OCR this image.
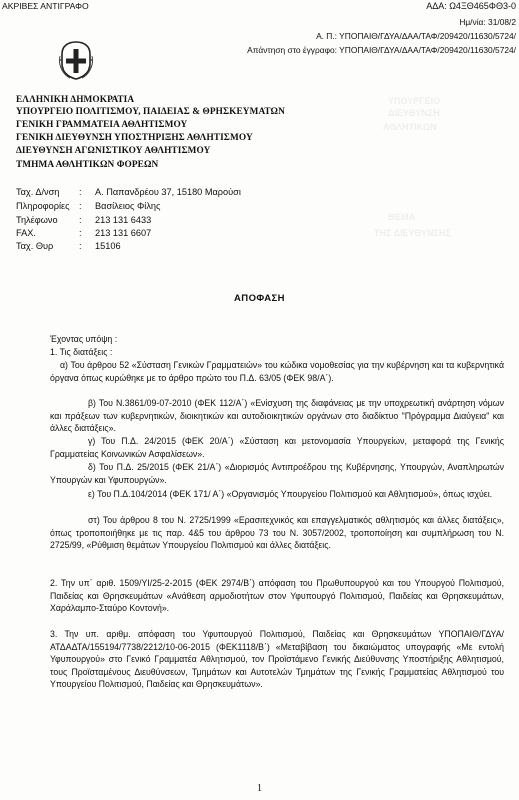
ΑΚΡΙΒΕΣ ΑΝΤΙΓΡΑΦΟ	ΑΔΑ: Ω4ΞΘ465ΦΘ3-0
Ημ/νία: 31/08/2
Α. Π.: ΥΠΟΠΑΙΘ/ΓΔΥΑ/ΔΑΑ/ΤΑΦ/209420/11630/5724/
Απάντηση στο έγγραφο: ΥΠΟΠΑΙΘ/ΓΔΥΑ/ΔΑΑ/ΤΑΦ/209420/11630/5724/
ΥΠΟΥΡΓΕΙΟ
ΔΙΕΥΘΥΝΣΗ
ΑΘΛΗΤΙΚΩΝ
ΘΕΜΑ
ΤΗΣ ΔΙΕΥΘΥΝΣΗΣ
ΕΛΛΗΝΙΚΗ ΔΗΜΟΚΡΑΤΙΑ
ΥΠΟΥΡΓΕΙΟ ΠΟΛΙΤΙΣΜΟΥ, ΠΑΙΔΕΙΑΣ & ΘΡΗΣΚΕΥΜΑΤΩΝ
ΓΕΝΙΚΗ ΓΡΑΜΜΑΤΕΙΑ ΑΘΛΗΤΙΣΜΟΥ
ΓΕΝΙΚΗ ΔΙΕΥΘΥΝΣΗ ΥΠΟΣΤΗΡΙΞΗΣ ΑΘΛΗΤΙΣΜΟΥ
ΔΙΕΥΘΥΝΣΗ ΑΓΩΝΙΣΤΙΚΟΥ ΑΘΛΗΤΙΣΜΟΥ
ΤΜΗΜΑ ΑΘΛΗΤΙΚΩΝ ΦΟΡΕΩΝ
Ταχ. Δ/νση : Α. Παπανδρέου 37, 15180 Μαρούσι
Πληροφορίες : Βασίλειος Φίλης
Τηλέφωνο : 213 131 6433
FAX.	: 213 131 6607
Ταχ. Θυρ	: 15106
ΑΠΟΦΑΣΗ
Έχοντας υπόψη :
1. Τις διατάξεις :
α) Του άρθρου 52 «Σύσταση Γενικών Γραμματειών» του κώδικα νομοθεσίας για την κυβέρνηση και τα κυβερνητικά όργανα όπως κυρώθηκε με το άρθρο πρώτο του Π.Δ. 63/05 (ΦΕΚ 98/Α΄).
β) Του Ν.3861/09-07-2010 (ΦΕΚ 112/Α΄) «Ενίσχυση της διαφάνειας με την υποχρεωτική ανάρτηση νόμων και πράξεων των κυβερνητικών, διοικητικών και αυτοδιοικητικών οργάνων στο διαδίκτυο "Πρόγραμμα Διαύγεια" και άλλες διατάξεις».
γ) Του Π.Δ. 24/2015 (ΦΕΚ 20/Α΄) «Σύσταση και μετονομασία Υπουργείων, μεταφορά της Γενικής Γραμματείας Κοινωνικών Ασφαλίσεων».
δ) Του Π.Δ. 25/2015 (ΦΕΚ 21/Α΄) «Διορισμός Αντιπροέδρου της Κυβέρνησης, Υπουργών, Αναπληρωτών Υπουργών και Υφυπουργών».
ε) Του Π.Δ.104/2014 (ΦΕΚ 171/ Α΄) «Οργανισμός Υπουργείου Πολιτισμού και Αθλητισμού», όπως ισχύει.
στ) Του άρθρου 8 του Ν. 2725/1999 «Ερασιτεχνικός και επαγγελματικός αθλητισμός και άλλες διατάξεις», όπως τροποποιήθηκε με τις παρ. 4&5 του άρθρου 73 του Ν. 3057/2002, τροποποίηση και συμπλήρωση του Ν. 2725/99, «Ρύθμιση θεμάτων Υπουργείου Πολιτισμού και άλλες διατάξεις.
2. Την υπ΄ αριθ. 1509/ΥΙ/25-2-2015 (ΦΕΚ 2974/Β΄) απόφαση του Πρωθυπουργού και του Υπουργού Πολιτισμού, Παιδείας και Θρησκευμάτων «Ανάθεση αρμοδιοτήτων στον Υφυπουργό Πολιτισμού, Παιδείας και Θρησκευμάτων, Χαράλαμπο-Σταύρο Κοντονή».
3. Την υπ. αριθμ. απόφαση του Υφυπουργού Πολιτισμού, Παιδείας και Θρησκευμάτων ΥΠΟΠΑΙΘ/ΓΔΥΑ/ΑΤΔΑΔΤΑ/155194/7738/2212/10-06-2015 (ΦΕΚ1118/Β΄) «Μεταβίβαση του δικαιώματος υπογραφής «Με εντολή Υφυπουργού» στο Γενικό Γραμματέα Αθλητισμού, τον Προϊστάμενο Γενικής Διεύθυνσης Υποστήριξης Αθλητισμού, τους Προϊσταμένους Διευθύνσεων, Τμημάτων και Αυτοτελών Τμημάτων της Γενικής Γραμματείας Αθλητισμού του Υπουργείου Πολιτισμού, Παιδείας και Θρησκευμάτων».
1
